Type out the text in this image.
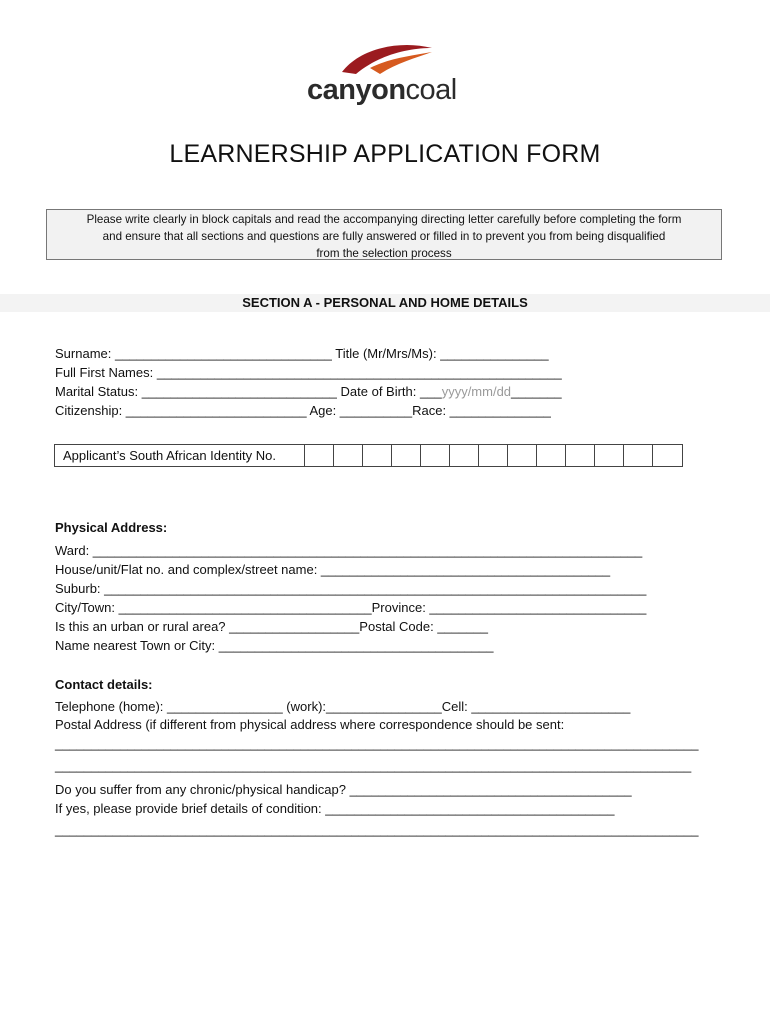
canyoncoal
LEARNERSHIP APPLICATION FORM
Please write clearly in block capitals and read the accompanying directing letter carefully before completing the form
and ensure that all sections and questions are fully answered or filled in to prevent you from being disqualified
from the selection process
SECTION A - PERSONAL AND HOME DETAILS
Surname: ______________________________ Title (Mr/Mrs/Ms): _______________
Full First Names: ________________________________________________________
Marital Status: ___________________________ Date of Birth: ___yyyy/mm/dd_______
Citizenship: _________________________ Age: __________Race: ______________
Applicant’s South African Identity No.
Physical Address:
Ward: ____________________________________________________________________________
House/unit/Flat no. and complex/street name: ________________________________________
Suburb: ___________________________________________________________________________
City/Town: ___________________________________Province: ______________________________
Is this an urban or rural area? __________________Postal Code: _______
Name nearest Town or City: ______________________________________
Contact details:
Telephone (home): ________________ (work):________________Cell: ______________________
Postal Address (if different from physical address where correspondence should be sent:
_________________________________________________________________________________________
________________________________________________________________________________________
Do you suffer from any chronic/physical handicap? _______________________________________
If yes, please provide brief details of condition: ________________________________________
_________________________________________________________________________________________
